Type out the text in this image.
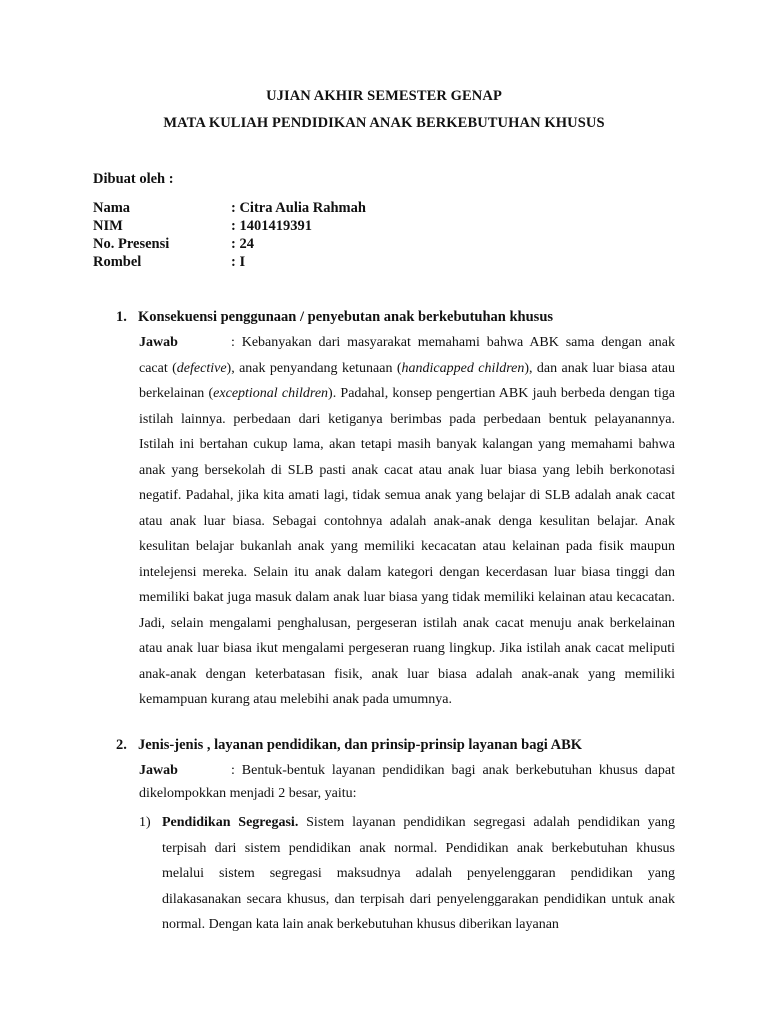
UJIAN AKHIR SEMESTER GENAP
MATA KULIAH PENDIDIKAN ANAK BERKEBUTUHAN KHUSUS
Dibuat oleh :
Nama	: Citra Aulia Rahmah
NIM	: 1401419391
No. Presensi	: 24
Rombel	: I
1. Konsekuensi penggunaan / penyebutan anak berkebutuhan khusus
Jawab	: Kebanyakan dari masyarakat memahami bahwa ABK sama dengan anak cacat (defective), anak penyandang ketunaan (handicapped children), dan anak luar biasa atau berkelainan (exceptional children). Padahal, konsep pengertian ABK jauh berbeda dengan tiga istilah lainnya. perbedaan dari ketiganya berimbas pada perbedaan bentuk pelayanannya. Istilah ini bertahan cukup lama, akan tetapi masih banyak kalangan yang memahami bahwa anak yang bersekolah di SLB pasti anak cacat atau anak luar biasa yang lebih berkonotasi negatif. Padahal, jika kita amati lagi, tidak semua anak yang belajar di SLB adalah anak cacat atau anak luar biasa. Sebagai contohnya adalah anak-anak denga kesulitan belajar. Anak kesulitan belajar bukanlah anak yang memiliki kecacatan atau kelainan pada fisik maupun intelejensi mereka. Selain itu anak dalam kategori dengan kecerdasan luar biasa tinggi dan memiliki bakat juga masuk dalam anak luar biasa yang tidak memiliki kelainan atau kecacatan. Jadi, selain mengalami penghalusan, pergeseran istilah anak cacat menuju anak berkelainan atau anak luar biasa ikut mengalami pergeseran ruang lingkup. Jika istilah anak cacat meliputi anak-anak dengan keterbatasan fisik, anak luar biasa adalah anak-anak yang memiliki kemampuan kurang atau melebihi anak pada umumnya.
2. Jenis-jenis , layanan pendidikan, dan prinsip-prinsip layanan bagi ABK
Jawab	: Bentuk-bentuk layanan pendidikan bagi anak berkebutuhan khusus dapat dikelompokkan menjadi 2 besar, yaitu:
1) Pendidikan Segregasi. Sistem layanan pendidikan segregasi adalah pendidikan yang terpisah dari sistem pendidikan anak normal. Pendidikan anak berkebutuhan khusus melalui sistem segregasi maksudnya adalah penyelenggaran pendidikan yang dilakasanakan secara khusus, dan terpisah dari penyelenggarakan pendidikan untuk anak normal. Dengan kata lain anak berkebutuhan khusus diberikan layanan
